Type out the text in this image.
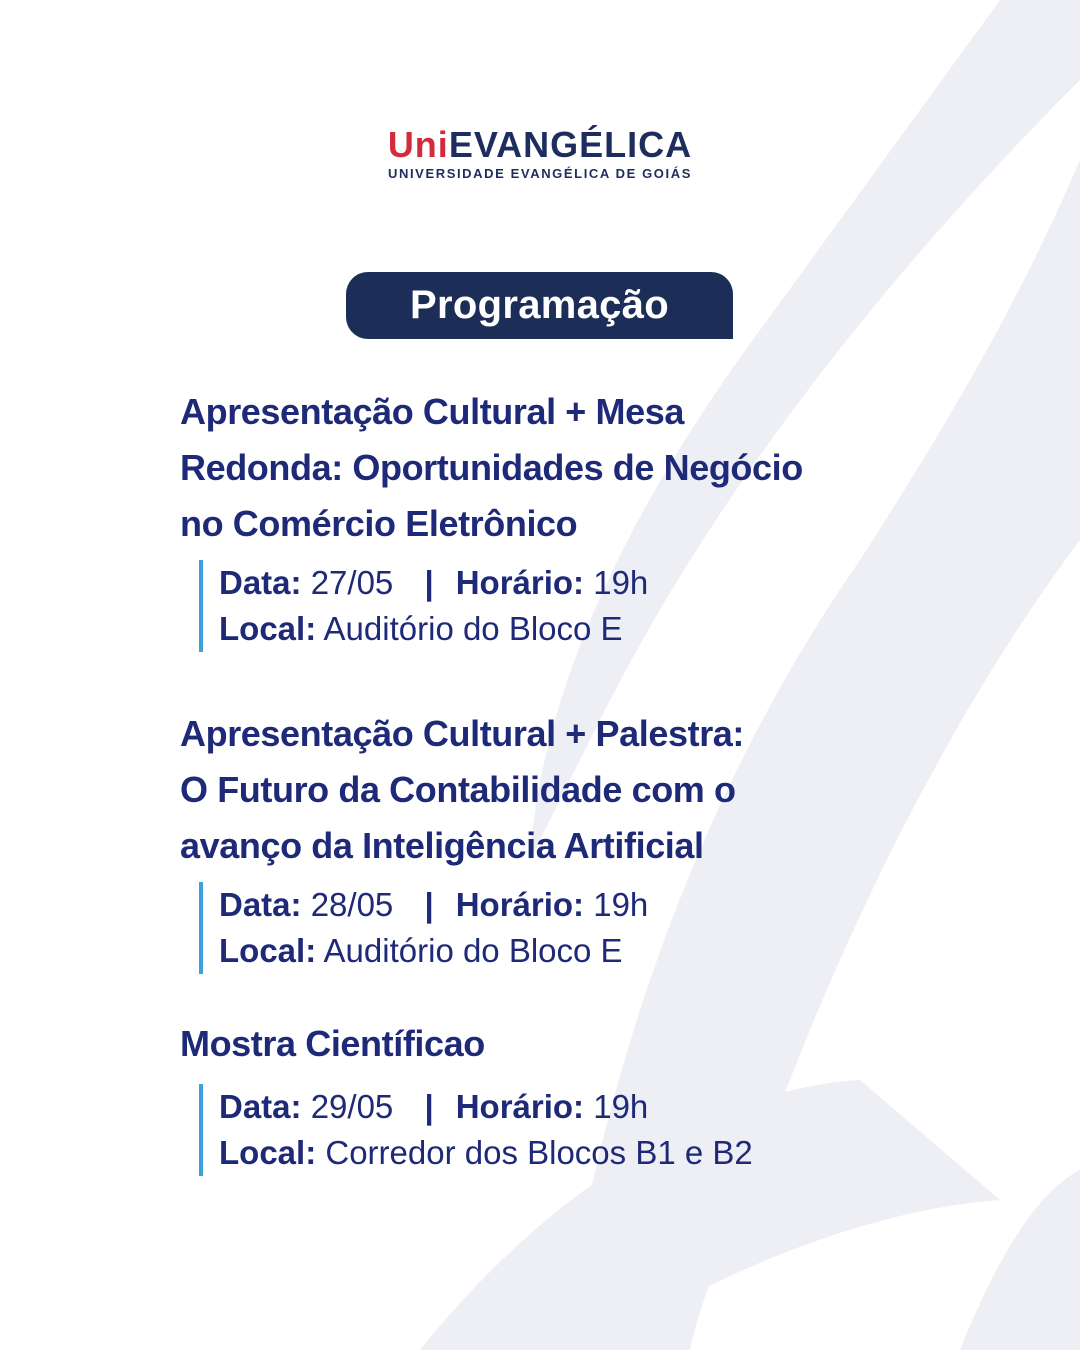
UniEVANGÉLICA
UNIVERSIDADE EVANGÉLICA DE GOIÁS
Programação
Apresentação Cultural + Mesa
Redonda: Oportunidades de Negócio
no Comércio Eletrônico
Data: 27/05 | Horário: 19h
Local: Auditório do Bloco E
Apresentação Cultural + Palestra:
O Futuro da Contabilidade com o
avanço da Inteligência Artificial
Data: 28/05 | Horário: 19h
Local: Auditório do Bloco E
Mostra Científicao
Data: 29/05 | Horário: 19h
Local: Corredor dos Blocos B1 e B2
